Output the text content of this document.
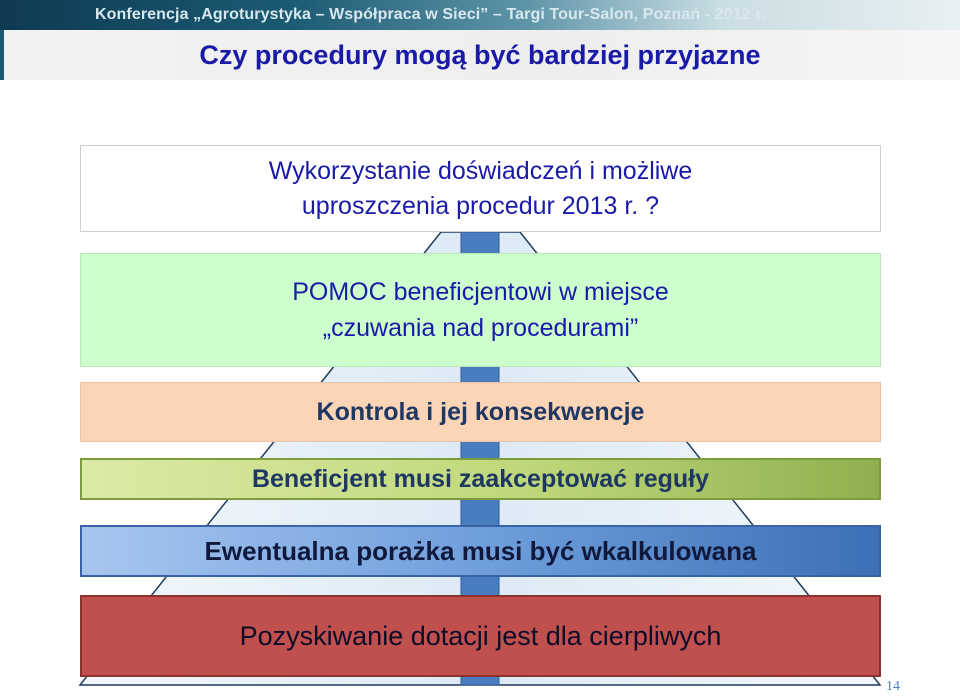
Konferencja „Agroturystyka – Współpraca w Sieci” – Targi Tour-Salon, Poznań - 2012 r.
Czy procedury mogą być bardziej przyjazne
Wykorzystanie doświadczeń i możliwe
uproszczenia procedur 2013 r. ?
POMOC beneficjentowi w miejsce
„czuwania nad procedurami”
Kontrola i jej konsekwencje
Beneficjent musi zaakceptować reguły
Ewentualna porażka musi być wkalkulowana
Pozyskiwanie dotacji jest dla cierpliwych
14
